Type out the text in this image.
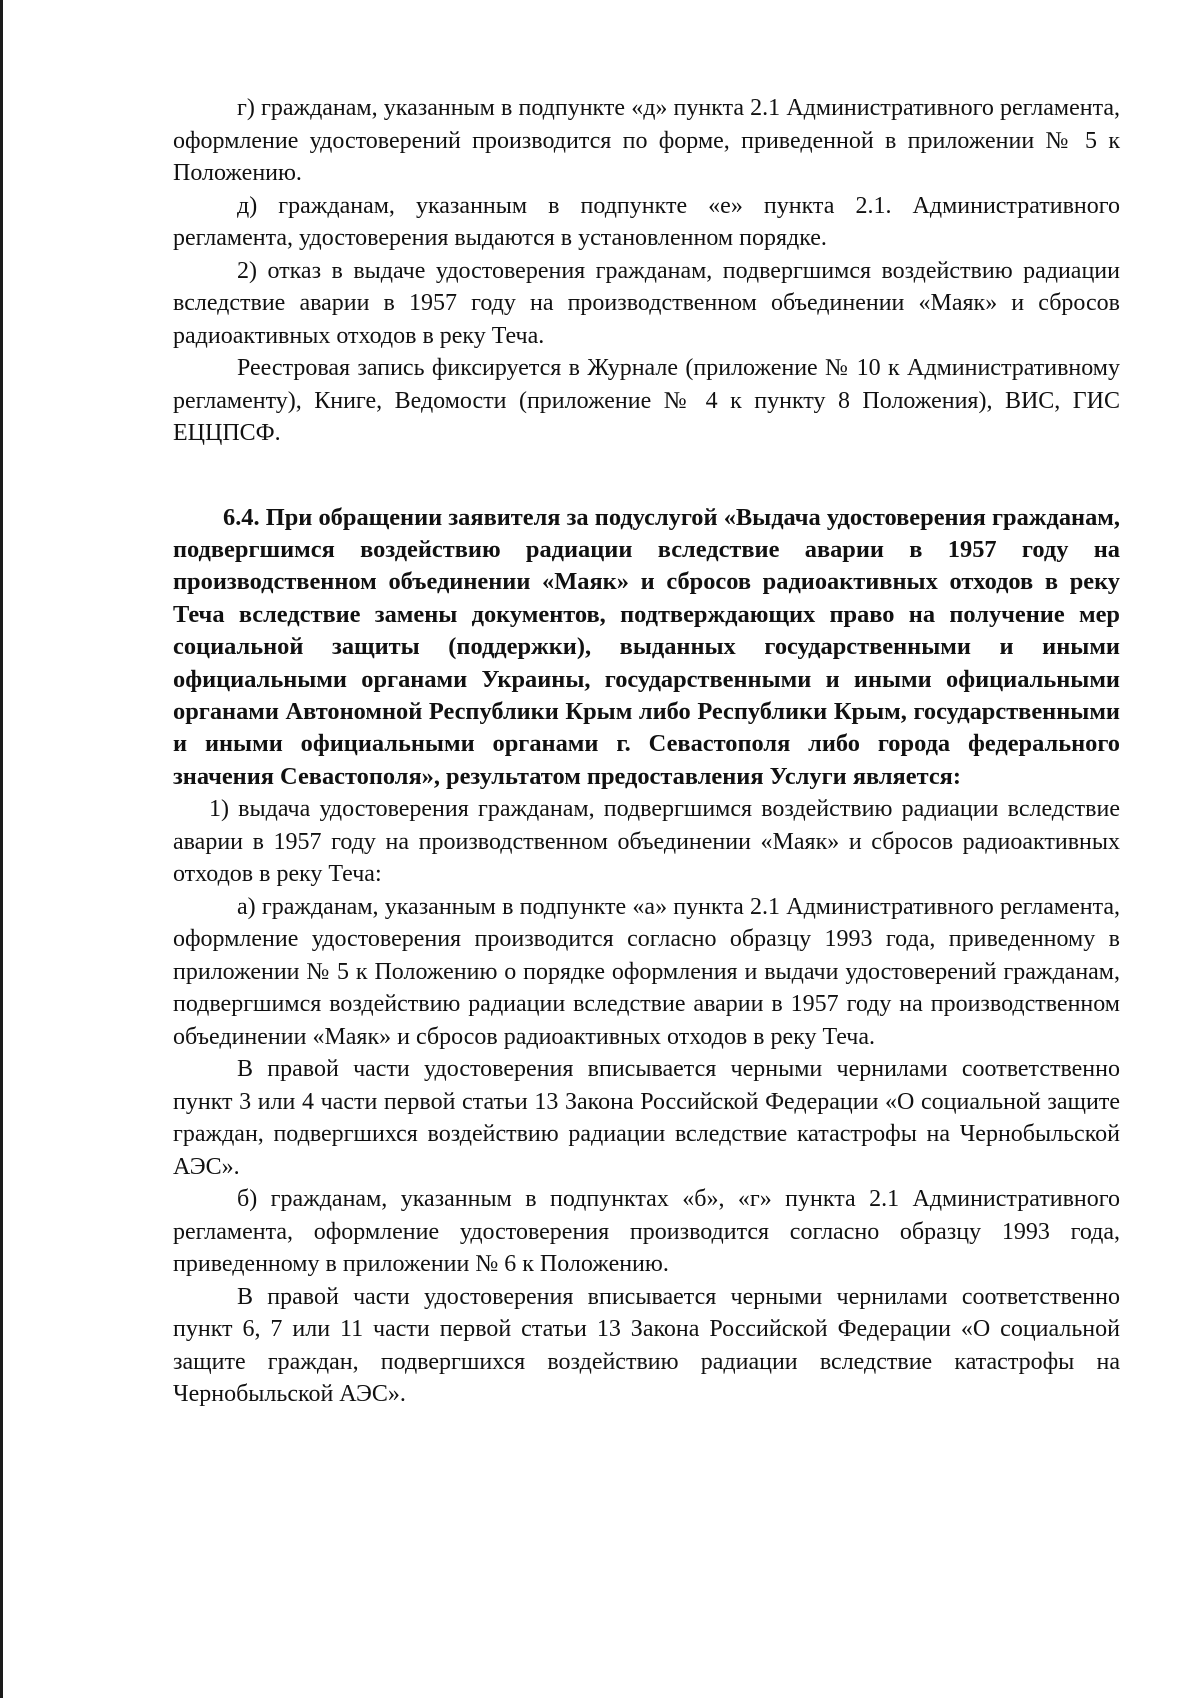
г) гражданам, указанным в подпункте «д» пункта 2.1 Административного регламента, оформление удостоверений производится по форме, приведенной в приложении № 5 к Положению.

д) гражданам, указанным в подпункте «е» пункта 2.1. Административного регламента, удостоверения выдаются в установленном порядке.

2) отказ в выдаче удостоверения гражданам, подвергшимся воздействию радиации вследствие аварии в 1957 году на производственном объединении «Маяк» и сбросов радиоактивных отходов в реку Теча.

Реестровая запись фиксируется в Журнале (приложение № 10 к Административному регламенту), Книге, Ведомости (приложение № 4 к пункту 8 Положения), ВИС, ГИС ЕЦЦПСФ.

6.4. При обращении заявителя за подуслугой «Выдача удостоверения гражданам, подвергшимся воздействию радиации вследствие аварии в 1957 году на производственном объединении «Маяк» и сбросов радиоактивных отходов в реку Теча вследствие замены документов, подтверждающих право на получение мер социальной защиты (поддержки), выданных государственными и иными официальными органами Украины, государственными и иными официальными органами Автономной Республики Крым либо Республики Крым, государственными и иными официальными органами г. Севастополя либо города федерального значения Севастополя», результатом предоставления Услуги является:

1) выдача удостоверения гражданам, подвергшимся воздействию радиации вследствие аварии в 1957 году на производственном объединении «Маяк» и сбросов радиоактивных отходов в реку Теча:

а) гражданам, указанным в подпункте «а» пункта 2.1 Административного регламента, оформление удостоверения производится согласно образцу 1993 года, приведенному в приложении № 5 к Положению о порядке оформления и выдачи удостоверений гражданам, подвергшимся воздействию радиации вследствие аварии в 1957 году на производственном объединении «Маяк» и сбросов радиоактивных отходов в реку Теча.

В правой части удостоверения вписывается черными чернилами соответственно пункт 3 или 4 части первой статьи 13 Закона Российской Федерации «О социальной защите граждан, подвергшихся воздействию радиации вследствие катастрофы на Чернобыльской АЭС».

б) гражданам, указанным в подпунктах «б», «г» пункта 2.1 Административного регламента, оформление удостоверения производится согласно образцу 1993 года, приведенному в приложении № 6 к Положению.

В правой части удостоверения вписывается черными чернилами соответственно пункт 6, 7 или 11 части первой статьи 13 Закона Российской Федерации «О социальной защите граждан, подвергшихся воздействию радиации вследствие катастрофы на Чернобыльской АЭС».
